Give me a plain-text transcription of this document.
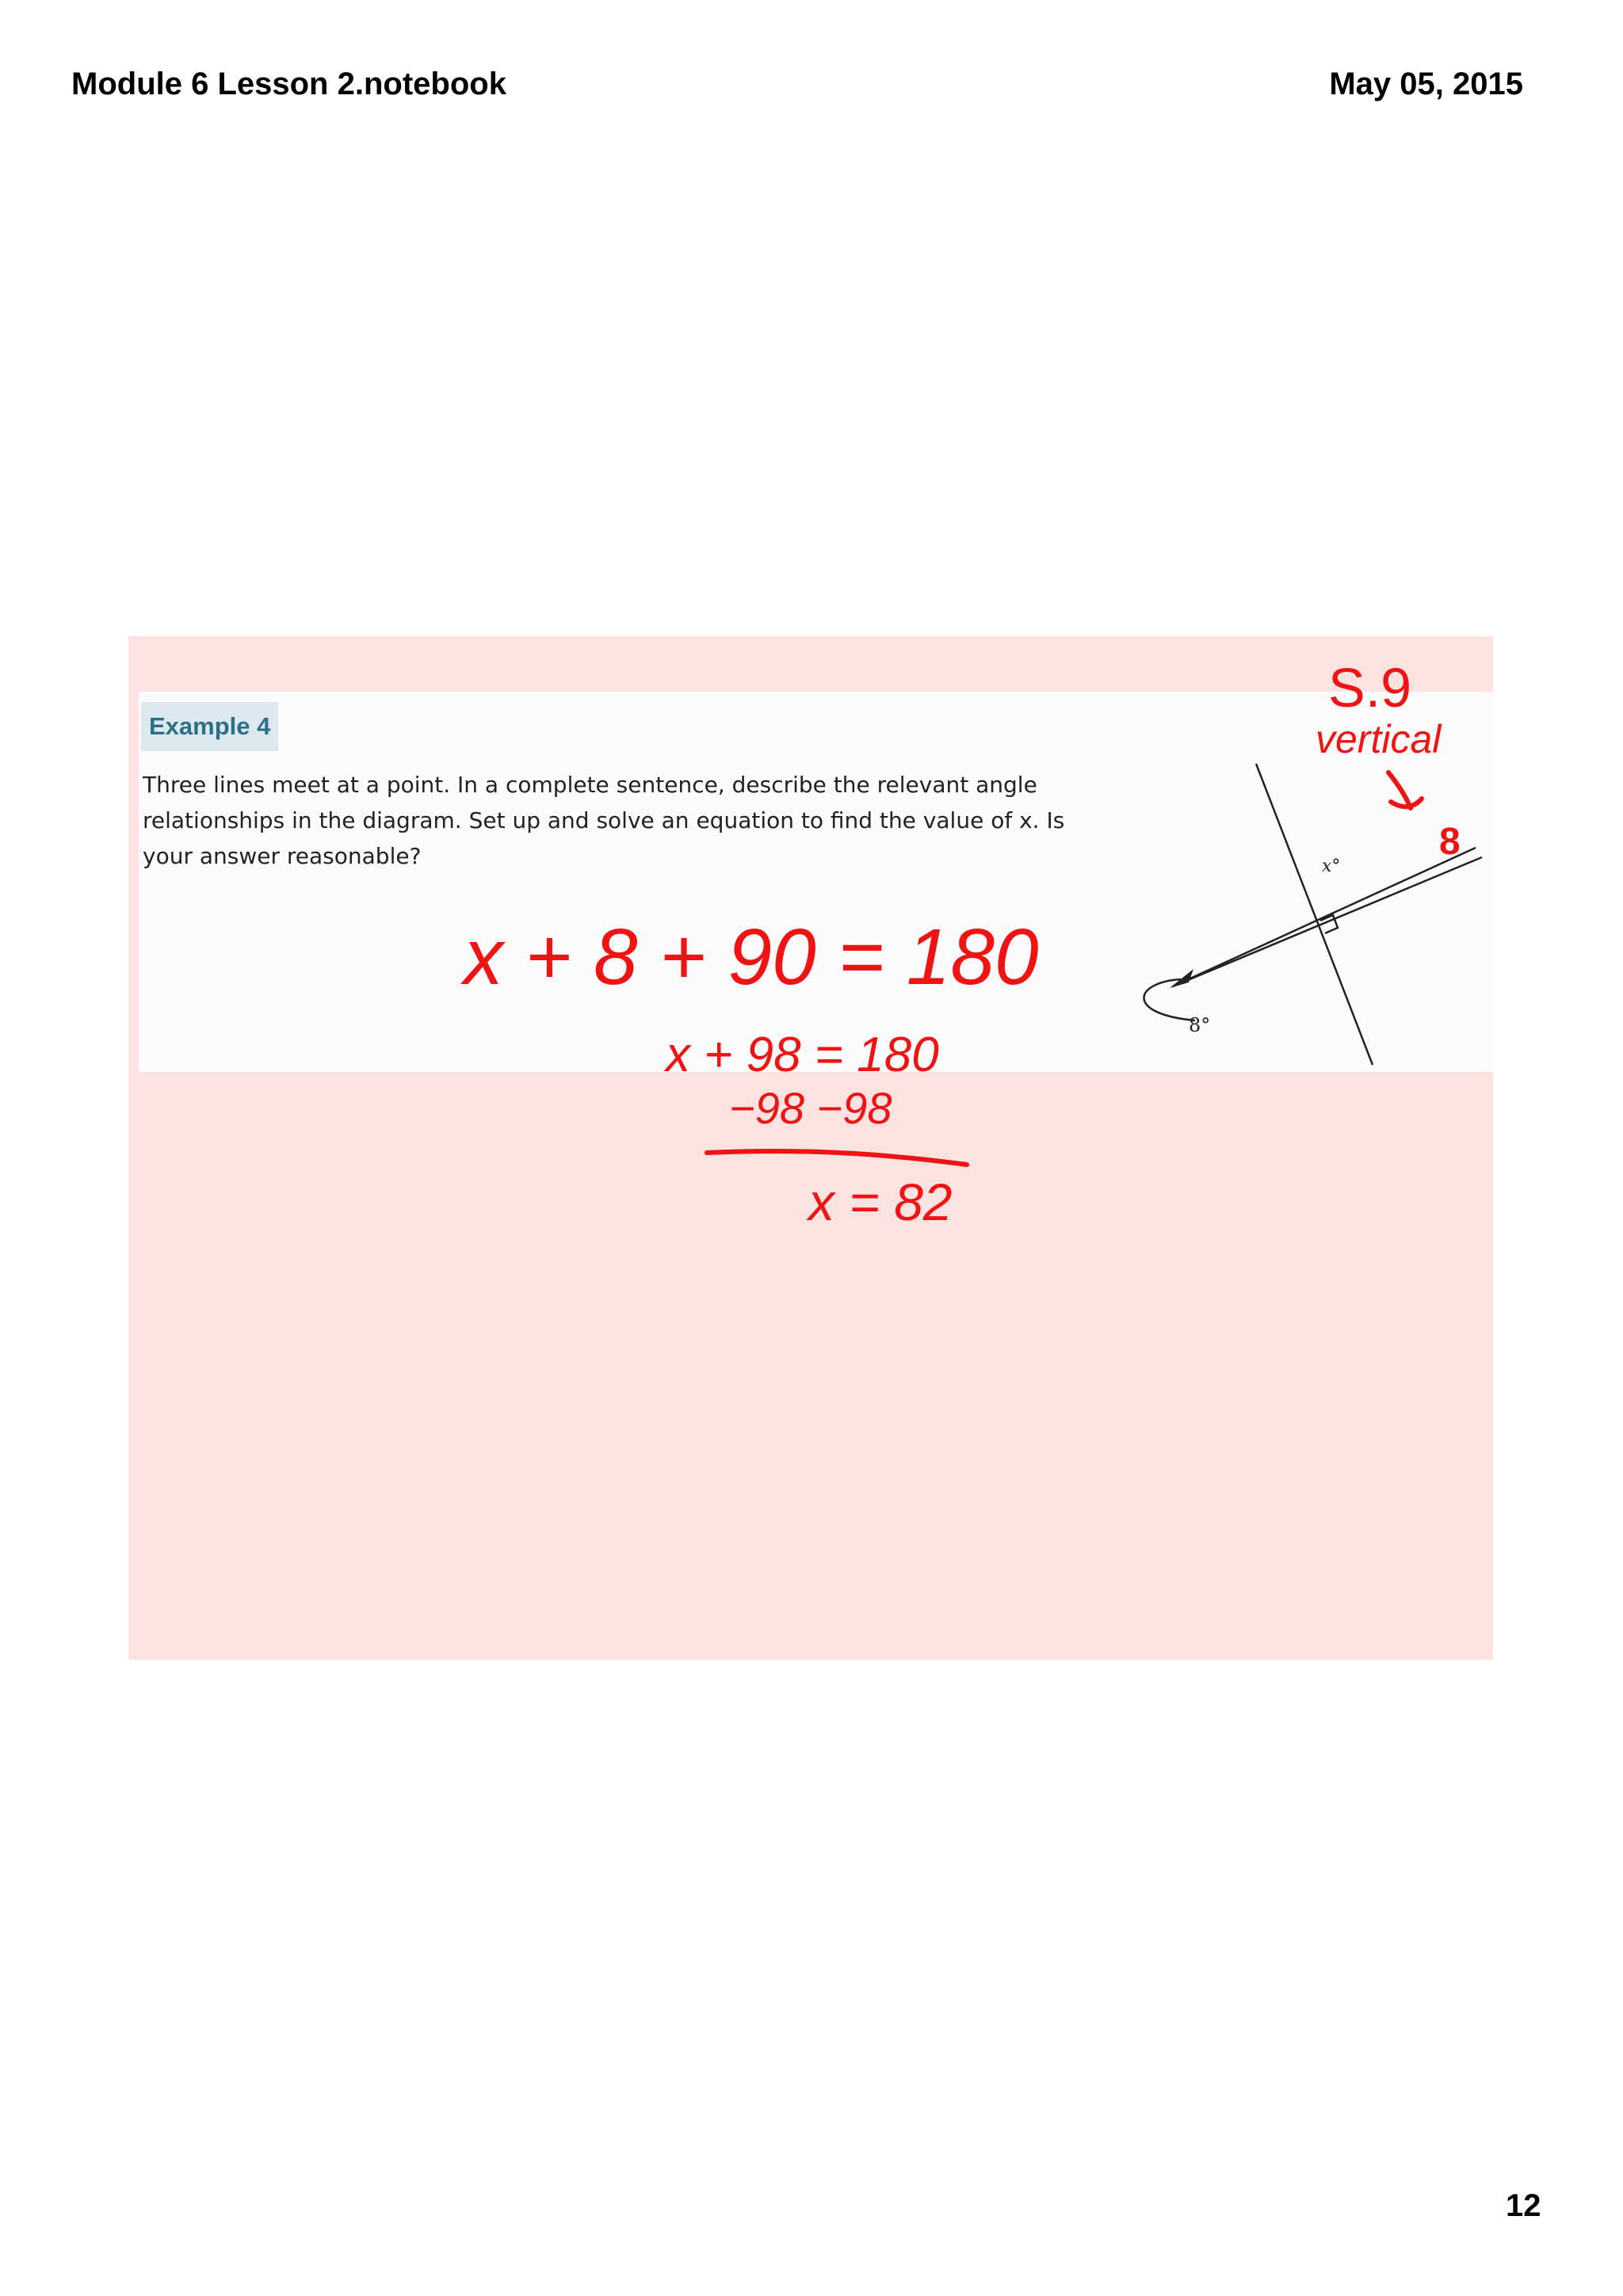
Module 6 Lesson 2.notebook	May 05, 2015
Example 4
Three lines meet at a point. In a complete sentence, describe the relevant angle
relationships in the diagram. Set up and solve an equation to find the value of x. Is
your answer reasonable?	x°
8°
S.9
vertical
8
x + 8 + 90 = 180
x + 98 = 180
−98 −98
x = 82
12
